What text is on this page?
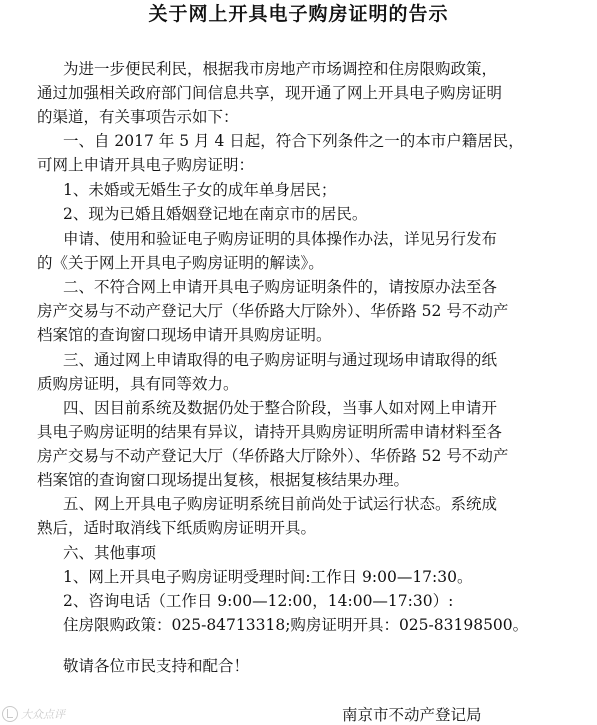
关于网上开具电子购房证明的告示
为进一步便民利民，根据我市房地产市场调控和住房限购政策，
通过加强相关政府部门间信息共享，现开通了网上开具电子购房证明
的渠道，有关事项告示如下：
一、自 2017 年 5 月 4 日起，符合下列条件之一的本市户籍居民，
可网上申请开具电子购房证明：
1、未婚或无婚生子女的成年单身居民；
2、现为已婚且婚姻登记地在南京市的居民。
申请、使用和验证电子购房证明的具体操作办法，详见另行发布
的《关于网上开具电子购房证明的解读》。
二、不符合网上申请开具电子购房证明条件的，请按原办法至各
房产交易与不动产登记大厅（华侨路大厅除外）、华侨路 52 号不动产
档案馆的查询窗口现场申请开具购房证明。
三、通过网上申请取得的电子购房证明与通过现场申请取得的纸
质购房证明，具有同等效力。
四、因目前系统及数据仍处于整合阶段，当事人如对网上申请开
具电子购房证明的结果有异议，请持开具购房证明所需申请材料至各
房产交易与不动产登记大厅（华侨路大厅除外）、华侨路 52 号不动产
档案馆的查询窗口现场提出复核，根据复核结果办理。
五、网上开具电子购房证明系统目前尚处于试运行状态。系统成
熟后，适时取消线下纸质购房证明开具。
六、其他事项
1、网上开具电子购房证明受理时间:工作日 9:00—17:30。
2、咨询电话（工作日 9:00—12:00，14:00—17:30）:
住房限购政策：025-84713318;购房证明开具：025-83198500。
敬请各位市民支持和配合！
南京市不动产登记局
大众点评
